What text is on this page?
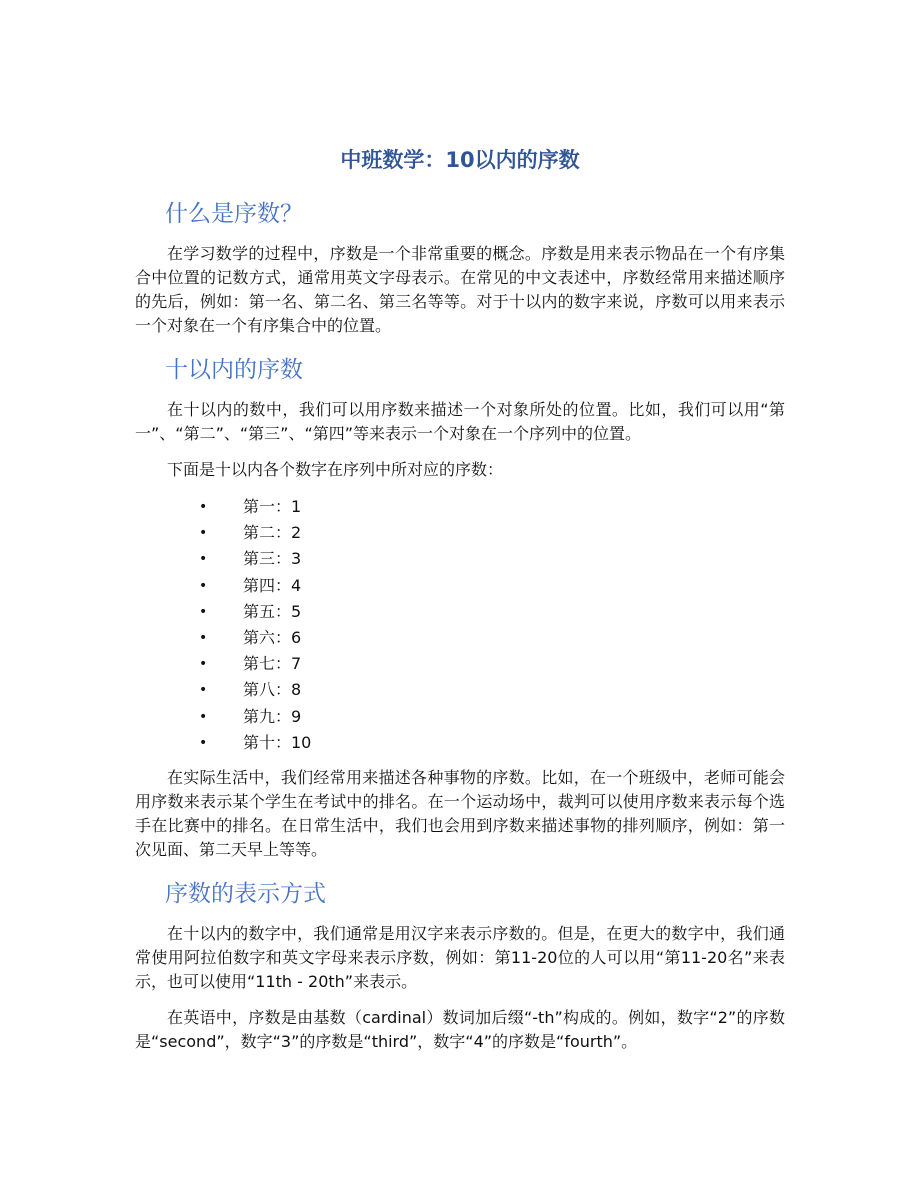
中班数学：10以内的序数
什么是序数？

在学习数学的过程中，序数是一个非常重要的概念。序数是用来表示物品在一个有序集合中位置的记数方式，通常用英文字母表示。在常见的中文表述中，序数经常用来描述顺序的先后，例如：第一名、第二名、第三名等等。对于十以内的数字来说，序数可以用来表示一个对象在一个有序集合中的位置。

十以内的序数

在十以内的数中，我们可以用序数来描述一个对象所处的位置。比如，我们可以用“第一”、“第二”、“第三”、“第四”等来表示一个对象在一个序列中的位置。

下面是十以内各个数字在序列中所对应的序数：

• 第一：1
• 第二：2
• 第三：3
• 第四：4
• 第五：5
• 第六：6
• 第七：7
• 第八：8
• 第九：9
• 第十：10

在实际生活中，我们经常用来描述各种事物的序数。比如，在一个班级中，老师可能会用序数来表示某个学生在考试中的排名。在一个运动场中，裁判可以使用序数来表示每个选手在比赛中的排名。在日常生活中，我们也会用到序数来描述事物的排列顺序，例如：第一次见面、第二天早上等等。

序数的表示方式

在十以内的数字中，我们通常是用汉字来表示序数的。但是，在更大的数字中，我们通常使用阿拉伯数字和英文字母来表示序数，例如：第11-20位的人可以用“第11-20名”来表示，也可以使用“11th - 20th”来表示。

在英语中，序数是由基数（cardinal）数词加后缀“-th”构成的。例如，数字“2”的序数是“second”，数字“3”的序数是“third”，数字“4”的序数是“fourth”。
